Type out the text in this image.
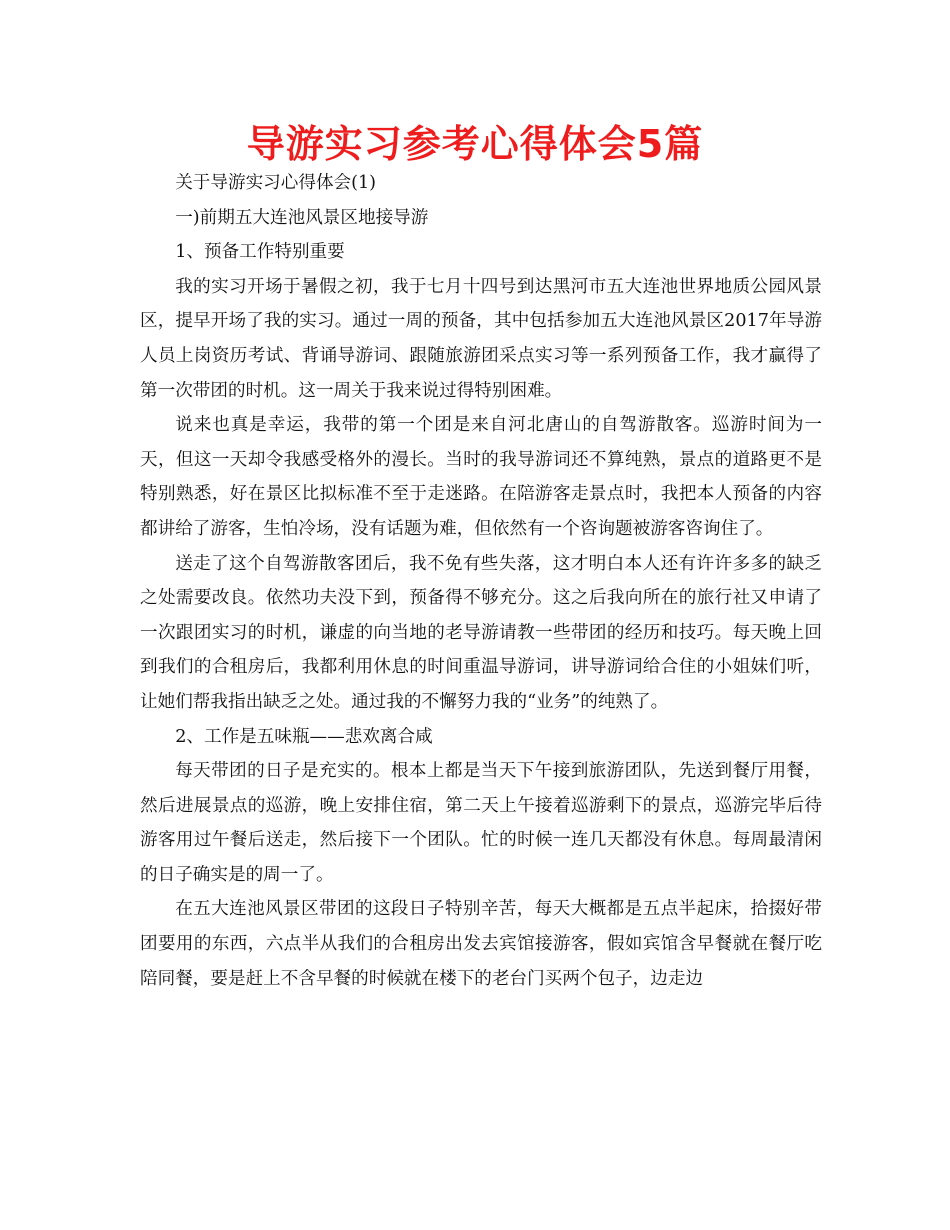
导游实习参考心得体会5篇

关于导游实习心得体会(1)

一)前期五大连池风景区地接导游

1、预备工作特别重要

我的实习开场于暑假之初，我于七月十四号到达黑河市五大连池世界地质公园风景区，提早开场了我的实习。通过一周的预备，其中包括参加五大连池风景区2017年导游人员上岗资历考试、背诵导游词、跟随旅游团采点实习等一系列预备工作，我才赢得了第一次带团的时机。这一周关于我来说过得特别困难。

说来也真是幸运，我带的第一个团是来自河北唐山的自驾游散客。巡游时间为一天，但这一天却令我感受格外的漫长。当时的我导游词还不算纯熟，景点的道路更不是特别熟悉，好在景区比拟标准不至于走迷路。在陪游客走景点时，我把本人预备的内容都讲给了游客，生怕冷场，没有话题为难，但依然有一个咨询题被游客咨询住了。

送走了这个自驾游散客团后，我不免有些失落，这才明白本人还有许许多多的缺乏之处需要改良。依然功夫没下到，预备得不够充分。这之后我向所在的旅行社又申请了一次跟团实习的时机，谦虚的向当地的老导游请教一些带团的经历和技巧。每天晚上回到我们的合租房后，我都利用休息的时间重温导游词，讲导游词给合住的小姐妹们听，让她们帮我指出缺乏之处。通过我的不懈努力我的“业务”的纯熟了。

2、工作是五味瓶——悲欢离合咸

每天带团的日子是充实的。根本上都是当天下午接到旅游团队，先送到餐厅用餐，然后进展景点的巡游，晚上安排住宿，第二天上午接着巡游剩下的景点，巡游完毕后待游客用过午餐后送走，然后接下一个团队。忙的时候一连几天都没有休息。每周最清闲的日子确实是的周一了。

在五大连池风景区带团的这段日子特别辛苦，每天大概都是五点半起床，拾掇好带团要用的东西，六点半从我们的合租房出发去宾馆接游客，假如宾馆含早餐就在餐厅吃陪同餐，要是赶上不含早餐的时候就在楼下的老台门买两个包子，边走边
